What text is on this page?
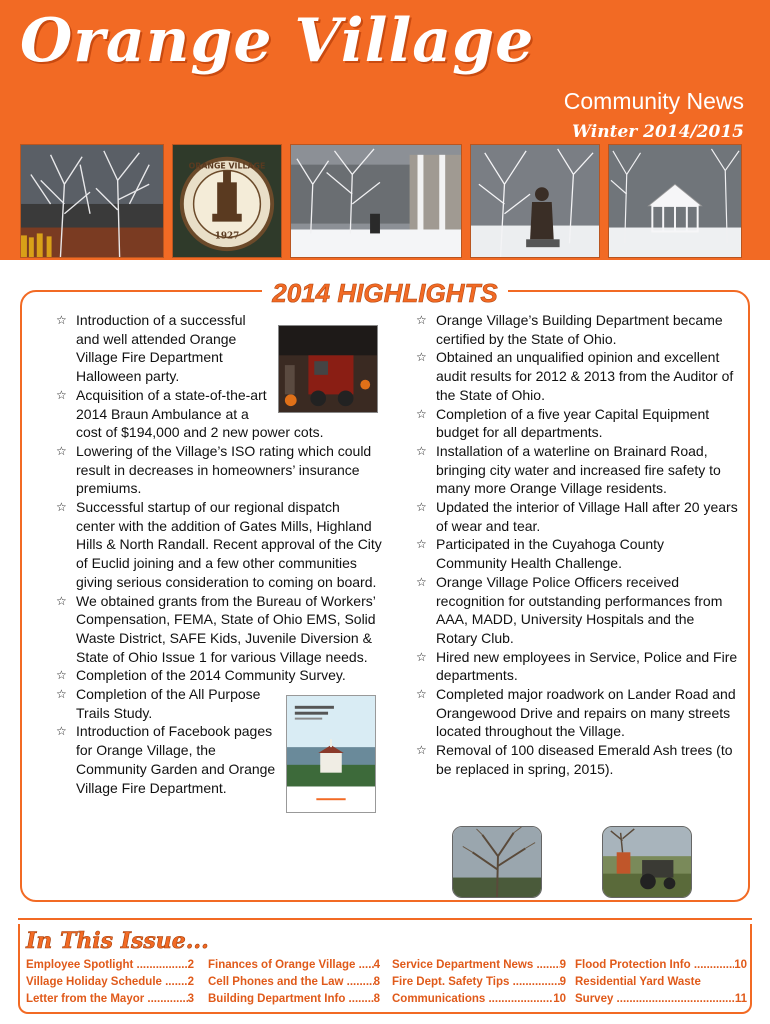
Orange Village
Community News
Winter 2014/2015
ORANGE VILLAGE
1927
2014 HIGHLIGHTS
☆ Introduction of a successful and well attended Orange Village Fire Department Halloween party.
☆ Acquisition of a state-of-the-art 2014 Braun Ambulance at a cost of $194,000 and 2 new power cots.
☆ Lowering of the Village’s ISO rating which could result in decreases in homeowners’ insurance premiums.
☆ Successful startup of our regional dispatch center with the addition of Gates Mills, Highland Hills & North Randall. Recent approval of the City of Euclid joining and a few other communities giving serious consideration to coming on board.
☆ We obtained grants from the Bureau of Workers’ Compensation, FEMA, State of Ohio EMS, Solid Waste District, SAFE Kids, Juvenile Diversion & State of Ohio Issue 1 for various Village needs.
☆ Completion of the 2014 Community Survey.
☆ Completion of the All Purpose Trails Study.
☆ Introduction of Facebook pages for Orange Village, the Community Garden and Orange Village Fire Department.
☆ Orange Village’s Building Department became certified by the State of Ohio.
☆ Obtained an unqualified opinion and excellent audit results for 2012 & 2013 from the Auditor of the State of Ohio.
☆ Completion of a five year Capital Equipment budget for all departments.
☆ Installation of a waterline on Brainard Road, bringing city water and increased fire safety to many more Orange Village residents.
☆ Updated the interior of Village Hall after 20 years of wear and tear.
☆ Participated in the Cuyahoga County Community Health Challenge.
☆ Orange Village Police Officers received recognition for outstanding performances from AAA, MADD, University Hospitals and the Rotary Club.
☆ Hired new employees in Service, Police and Fire departments.
☆ Completed major roadwork on Lander Road and Orangewood Drive and repairs on many streets located throughout the Village.
☆ Removal of 100 diseased Emerald Ash trees (to be replaced in spring, 2015).
In This Issue...
Employee Spotlight .....	2
Village Holiday Schedule .....	2
Letter from the Mayor .....	3
Finances of Orange Village .....	4
Cell Phones and the Law .....	8
Building Department Info .....	8
Service Department News .....	9
Fire Dept. Safety Tips .....	9
Communications .....	10
Flood Protection Info .....	10
Residential Yard Waste
Survey .....	11
